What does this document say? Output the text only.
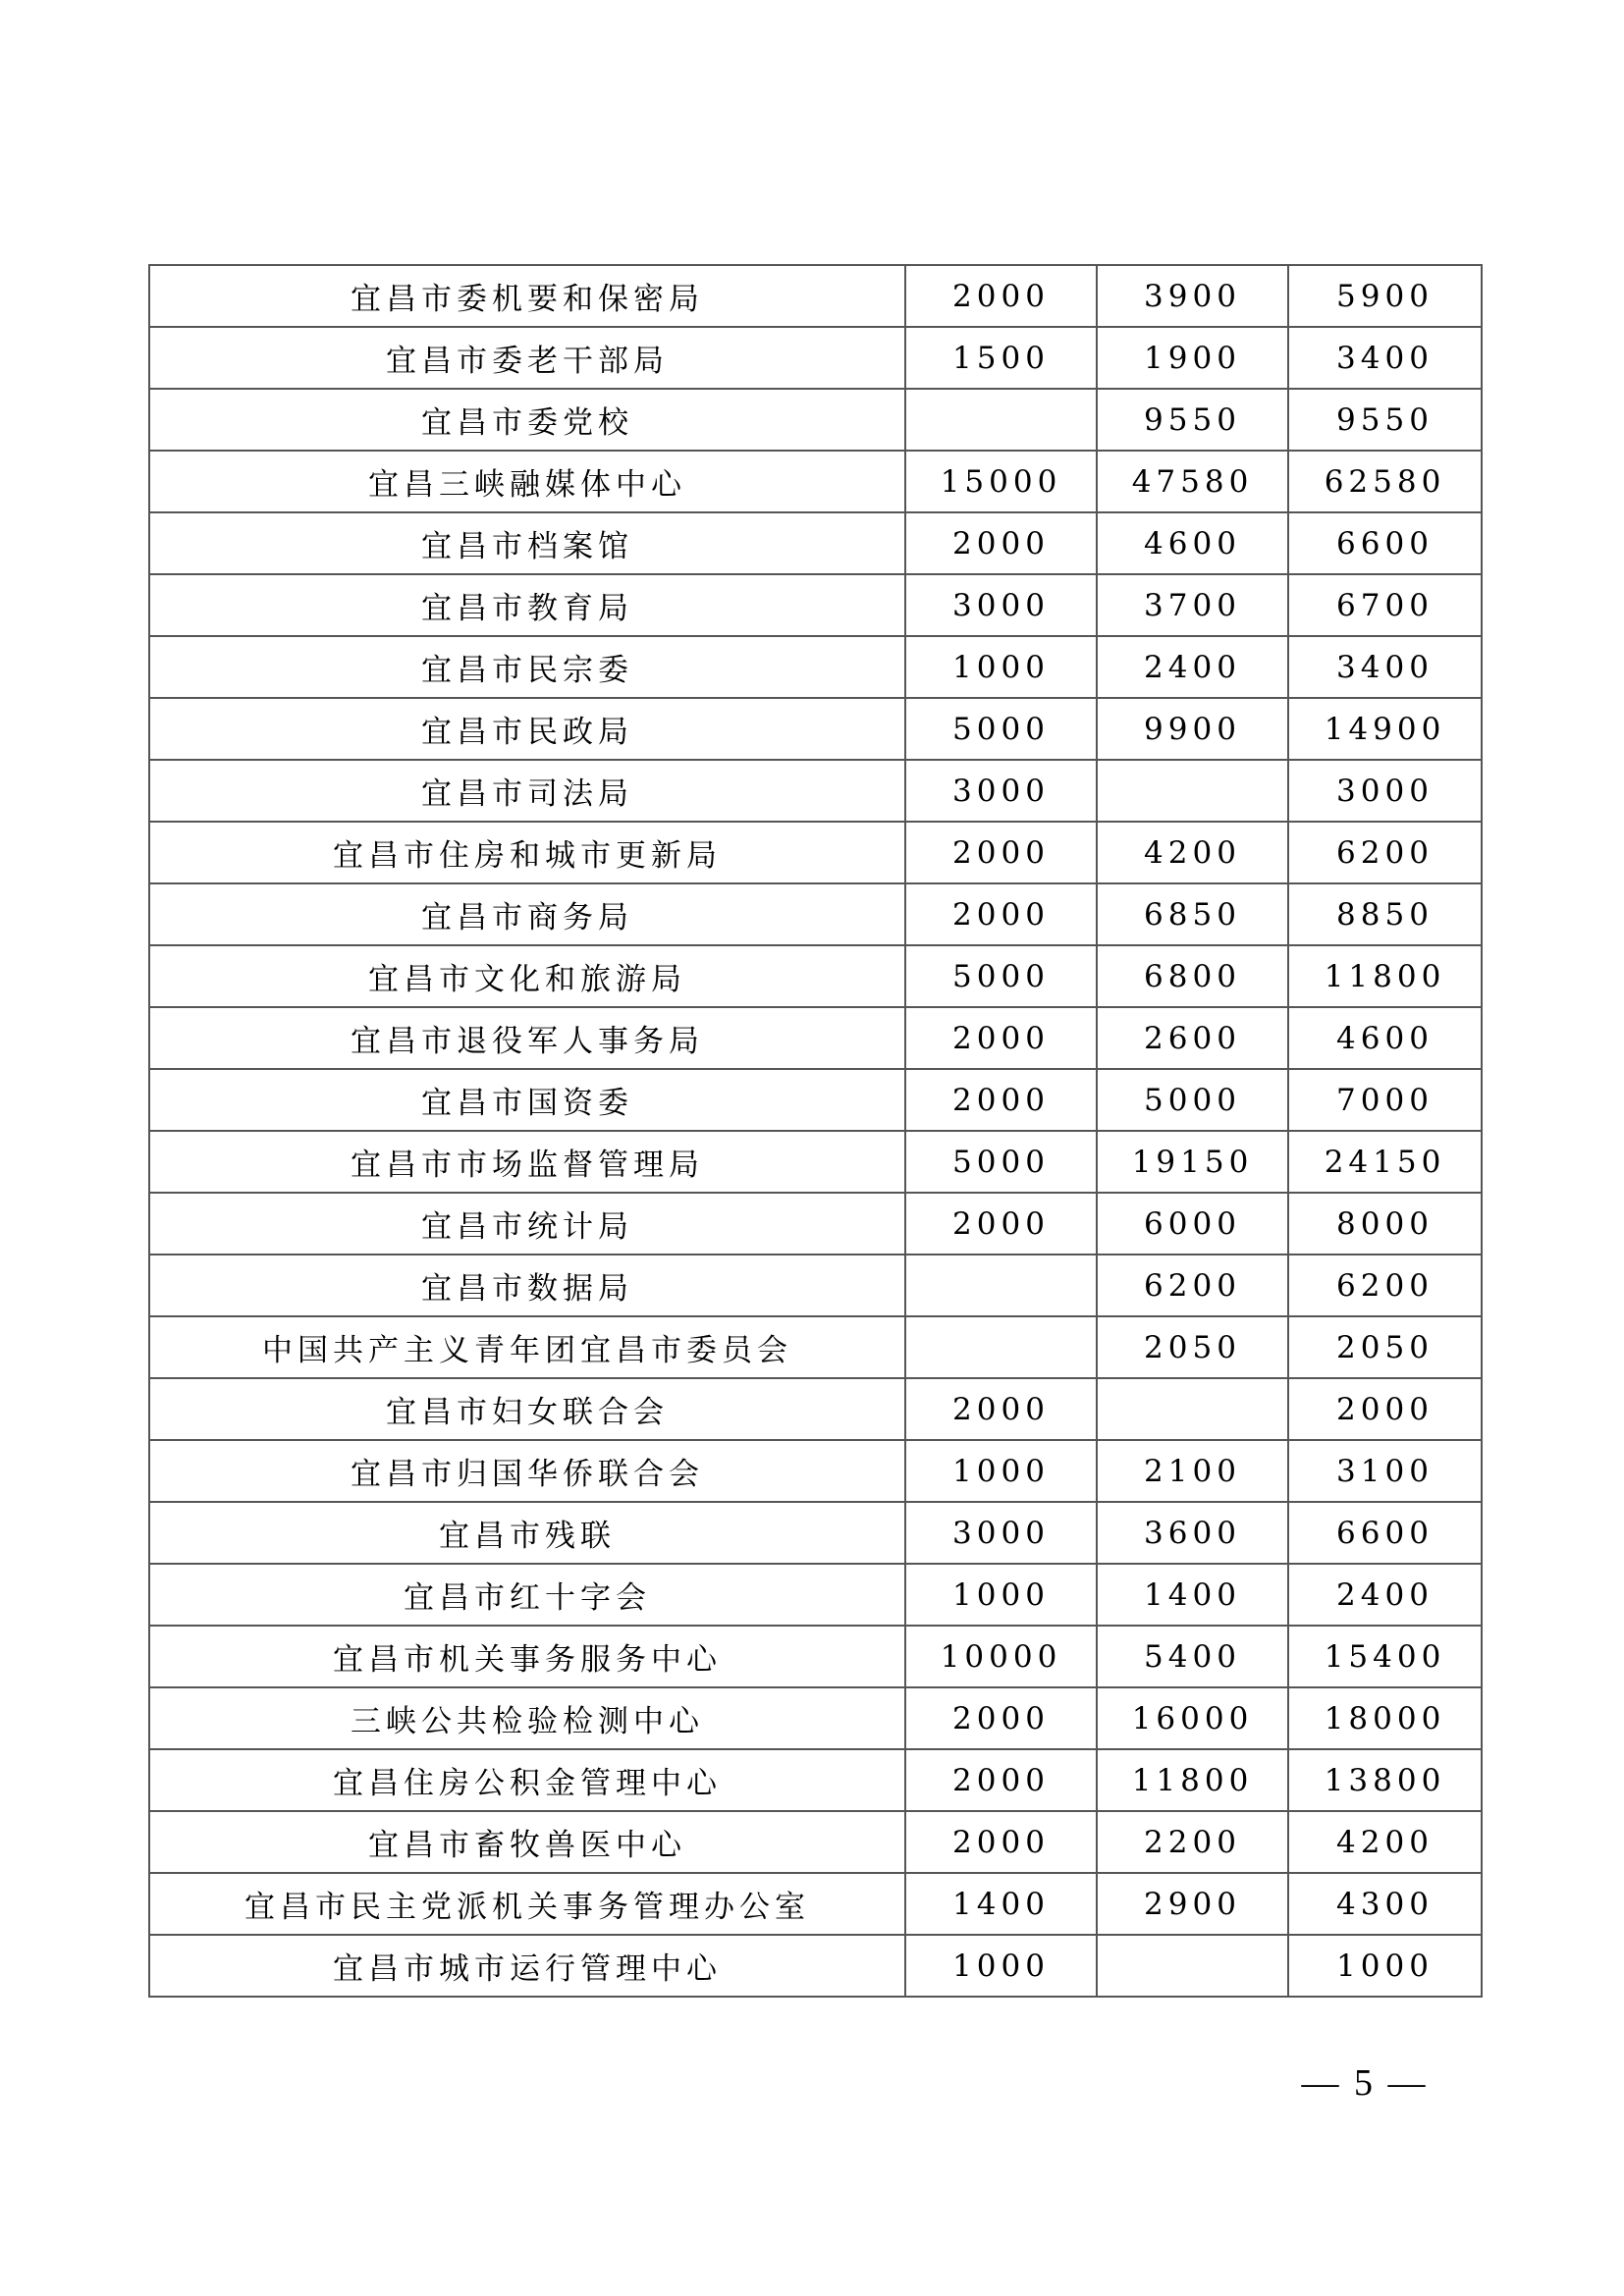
宜昌市委机要和保密局	2000	3900	5900
宜昌市委老干部局	1500	1900	3400
宜昌市委党校		9550	9550
宜昌三峡融媒体中心	15000	47580	62580
宜昌市档案馆	2000	4600	6600
宜昌市教育局	3000	3700	6700
宜昌市民宗委	1000	2400	3400
宜昌市民政局	5000	9900	14900
宜昌市司法局	3000		3000
宜昌市住房和城市更新局	2000	4200	6200
宜昌市商务局	2000	6850	8850
宜昌市文化和旅游局	5000	6800	11800
宜昌市退役军人事务局	2000	2600	4600
宜昌市国资委	2000	5000	7000
宜昌市市场监督管理局	5000	19150	24150
宜昌市统计局	2000	6000	8000
宜昌市数据局		6200	6200
中国共产主义青年团宜昌市委员会		2050	2050
宜昌市妇女联合会	2000		2000
宜昌市归国华侨联合会	1000	2100	3100
宜昌市残联	3000	3600	6600
宜昌市红十字会	1000	1400	2400
宜昌市机关事务服务中心	10000	5400	15400
三峡公共检验检测中心	2000	16000	18000
宜昌住房公积金管理中心	2000	11800	13800
宜昌市畜牧兽医中心	2000	2200	4200
宜昌市民主党派机关事务管理办公室	1400	2900	4300
宜昌市城市运行管理中心	1000		1000
— 5 —
